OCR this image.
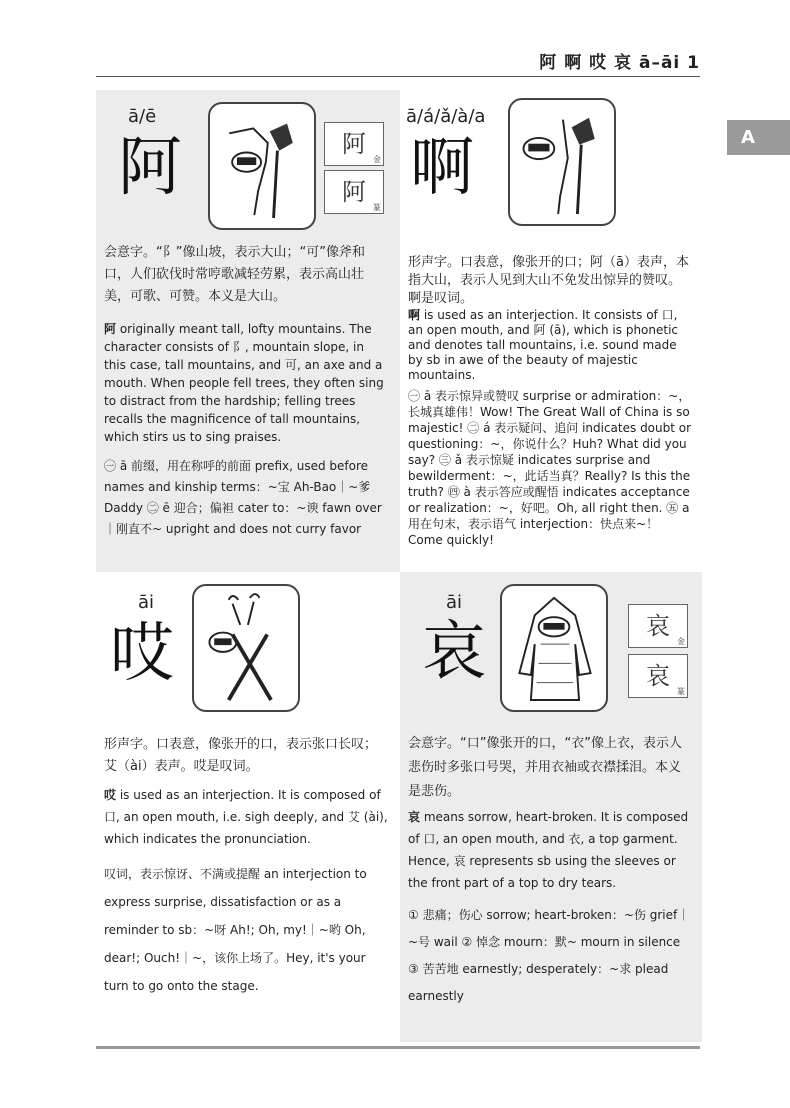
阿 啊 哎 哀 ā–āi 1
A
ā/ē
阿	阿
金
阿
篆
会意字。“阝”像山坡，表示大山；“可”像斧和口，人们砍伐时常哼歌减轻劳累，表示高山壮美，可歌、可赞。本义是大山。
阿 originally meant tall, lofty mountains. The character consists of 阝, mountain slope, in this case, tall mountains, and 可, an axe and a mouth. When people fell trees, they often sing to distract from the hardship; felling trees recalls the magnificence of tall mountains, which stirs us to sing praises.
㊀ ā 前缀，用在称呼的前面 prefix, used before names and kinship terms：~宝 Ah-Bao｜~爹 Daddy ㊁ ē 迎合；偏袒 cater to：~谀 fawn over｜刚直不~ upright and does not curry favor
ā/á/ǎ/à/a
啊
形声字。口表意，像张开的口；阿（ā）表声，本指大山，表示人见到大山不免发出惊异的赞叹。啊是叹词。
啊 is used as an interjection. It consists of 口, an open mouth, and 阿 (ā), which is phonetic and denotes tall mountains, i.e. sound made by sb in awe of the beauty of majestic mountains.
㊀ ā 表示惊异或赞叹 surprise or admiration：~，长城真雄伟！Wow! The Great Wall of China is so majestic! ㊁ á 表示疑问、追问 indicates doubt or questioning：~，你说什么？Huh? What did you say? ㊂ ǎ 表示惊疑 indicates surprise and bewilderment：~，此话当真？Really? Is this the truth? ㊃ à 表示答应或醒悟 indicates acceptance or realization：~，好吧。Oh, all right then. ㊄ a 用在句末，表示语气 interjection：快点来~！Come quickly!
āi
哎
形声字。口表意，像张开的口，表示张口长叹；艾（ài）表声。哎是叹词。
哎 is used as an interjection. It is composed of 口, an open mouth, i.e. sigh deeply, and 艾 (ài), which indicates the pronunciation.
叹词，表示惊讶、不满或提醒 an interjection to express surprise, dissatisfaction or as a reminder to sb：~呀 Ah!; Oh, my!｜~哟 Oh, dear!; Ouch!｜~，该你上场了。Hey, it's your turn to go onto the stage.
āi
哀	哀
金
哀
篆
会意字。“口”像张开的口，“衣”像上衣，表示人悲伤时多张口号哭，并用衣袖或衣襟揉泪。本义是悲伤。
哀 means sorrow, heart-broken. It is composed of 口, an open mouth, and 衣, a top garment. Hence, 哀 represents sb using the sleeves or the front part of a top to dry tears.
① 悲痛；伤心 sorrow; heart-broken：~伤 grief｜~号 wail ② 悼念 mourn：默~ mourn in silence ③ 苦苦地 earnestly; desperately：~求 plead earnestly
